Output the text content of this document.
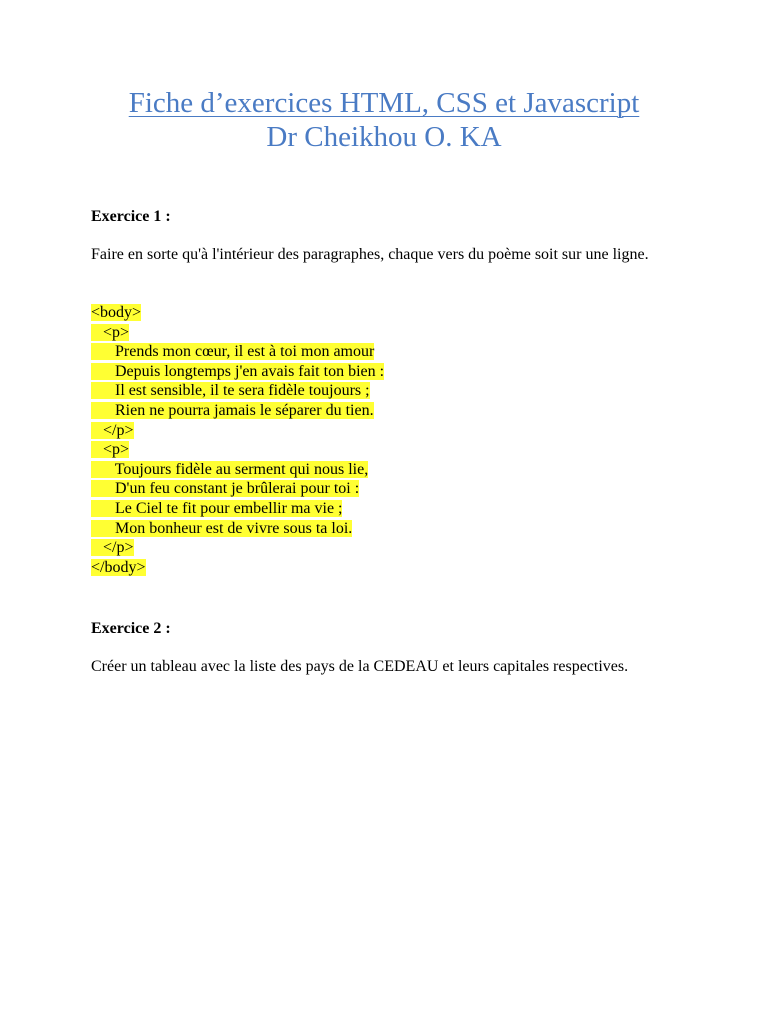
Fiche d’exercices HTML, CSS et Javascript
Dr Cheikhou O. KA

Exercice 1 :

Faire en sorte qu'à l'intérieur des paragraphes, chaque vers du poème soit sur une ligne.

<body>
<p>
Prends mon cœur, il est à toi mon amour
Depuis longtemps j'en avais fait ton bien :
Il est sensible, il te sera fidèle toujours ;
Rien ne pourra jamais le séparer du tien.
</p>
<p>
Toujours fidèle au serment qui nous lie,
D'un feu constant je brûlerai pour toi :
Le Ciel te fit pour embellir ma vie ;
Mon bonheur est de vivre sous ta loi.
</p>
</body>

Exercice 2 :

Créer un tableau avec la liste des pays de la CEDEAU et leurs capitales respectives.
